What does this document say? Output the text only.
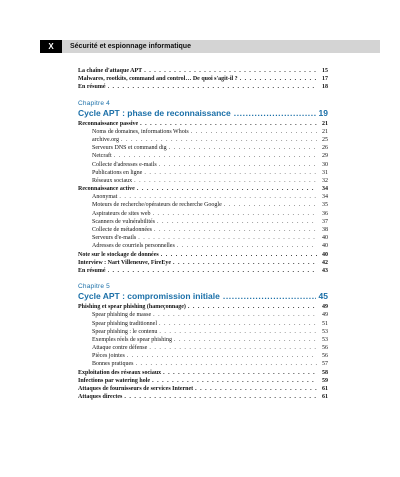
X	Sécurité et espionnage informatique
La chaîne d'attaque APT . . .	15
Malwares, rootkits, command and control… De quoi s'agit-il ? . . .	17
En résumé . . .	18
Chapitre 4
Cycle APT : phase de reconnaissance .....	19
Reconnaissance passive . . .	21
Noms de domaines, informations Whois . . .	21
archive.org . . .	25
Serveurs DNS et command dig . . .	26
Netcraft . . .	29
Collecte d'adresses e-mails . . .	30
Publications en ligne . . .	31
Réseaux sociaux . . .	32
Reconnaissance active . . .	34
Anonymat . . .	34
Moteurs de recherche/opérateurs de recherche Google . . .	35
Aspirateurs de sites web . . .	36
Scanners de vulnérabilités . . .	37
Collecte de métadonnées . . .	38
Serveurs d'e-mails . . .	40
Adresses de courriels personnelles . . .	40
Note sur le stockage de données . . .	40
Interview : Nart Villeneuve, FireEye . . .	42
En résumé . . .	43
Chapitre 5
Cycle APT : compromission initiale .....	45
Phishing et spear phishing (hameçonnage) . . .	49
Spear phishing de masse . . .	49
Spear phishing traditionnel . . .	51
Spear phishing : le contenu . . .	53
Exemples réels de spear phishing . . .	53
Attaque contre défense . . .	56
Pièces jointes . . .	56
Bonnes pratiques . . .	57
Exploitation des réseaux sociaux . . .	58
Infections par watering hole . . .	59
Attaques de fournisseurs de services Internet . . .	61
Attaques directes . . .	61
